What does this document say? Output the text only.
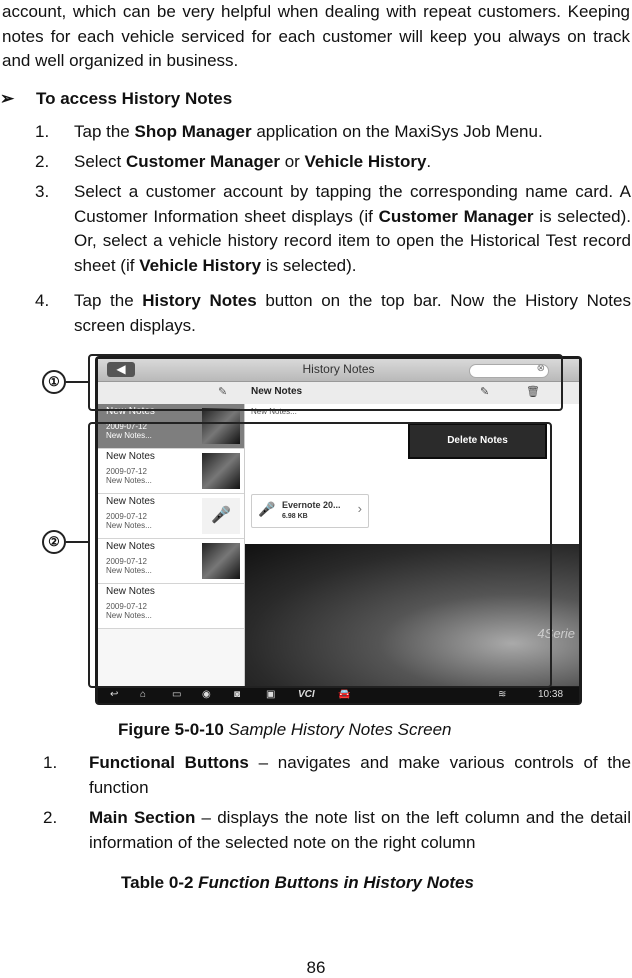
account, which can be very helpful when dealing with repeat customers. Keeping notes for each vehicle serviced for each customer will keep you always on track and well organized in business.
➢ To access History Notes
1. Tap the Shop Manager application on the MaxiSys Job Menu.
2. Select Customer Manager or Vehicle History.
3. Select a customer account by tapping the corresponding name card. A Customer Information sheet displays (if Customer Manager is selected). Or, select a vehicle history record item to open the Historical Test record sheet (if Vehicle History is selected).
4. Tap the History Notes button on the top bar. Now the History Notes screen displays.
◀	History Notes	⊗
✎ New Notes	✎	🗑
New Notes
2009-07-12
New Notes...
New Notes
2009-07-12
New Notes...
New Notes
2009-07-12
New Notes...
🎤
New Notes
2009-07-12
New Notes...
New Notes
2009-07-12
New Notes...
New Notes...
🎤 Evernote 20...
6.98 KB
›
4Serie
Delete Notes
↩ ⌂	▭ ◉ ◙	▣ VCI 🚘	≋	10:38
①
②
Figure 5-0-10 Sample History Notes Screen
1. Functional Buttons – navigates and make various controls of the function
2. Main Section – displays the note list on the left column and the detail information of the selected note on the right column
Table 0-2 Function Buttons in History Notes
86
